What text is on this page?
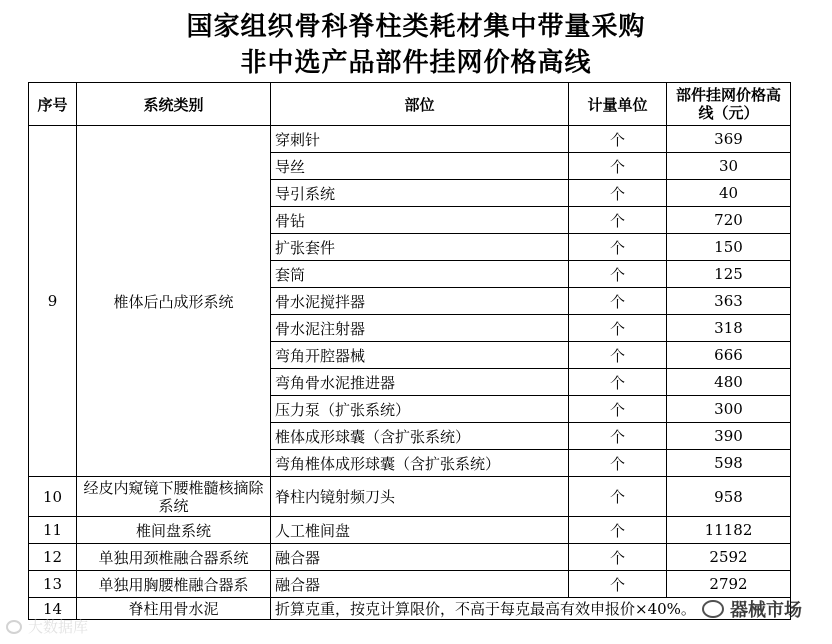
国家组织骨科脊柱类耗材集中带量采购
非中选产品部件挂网价格高线
序号	系统类别	部位	计量单位	部件挂网价格高线（元）
9	椎体后凸成形系统	穿刺针	个	369
		导丝	个	30
		导引系统	个	40
		骨钻	个	720
		扩张套件	个	150
		套筒	个	125
		骨水泥搅拌器	个	363
		骨水泥注射器	个	318
		弯角开腔器械	个	666
		弯角骨水泥推进器	个	480
		压力泵（扩张系统）	个	300
		椎体成形球囊（含扩张系统）	个	390
		弯角椎体成形球囊（含扩张系统）	个	598
10	经皮内窥镜下腰椎髓核摘除系统	脊柱内镜射频刀头	个	958
11	椎间盘系统	人工椎间盘	个	11182
12	单独用颈椎融合器系统	融合器	个	2592
13	单独用胸腰椎融合器系	融合器	个	2792
14	脊柱用骨水泥	折算克重，按克计算限价，不高于每克最高有效申报价×40%。			器械市场
大数据库
